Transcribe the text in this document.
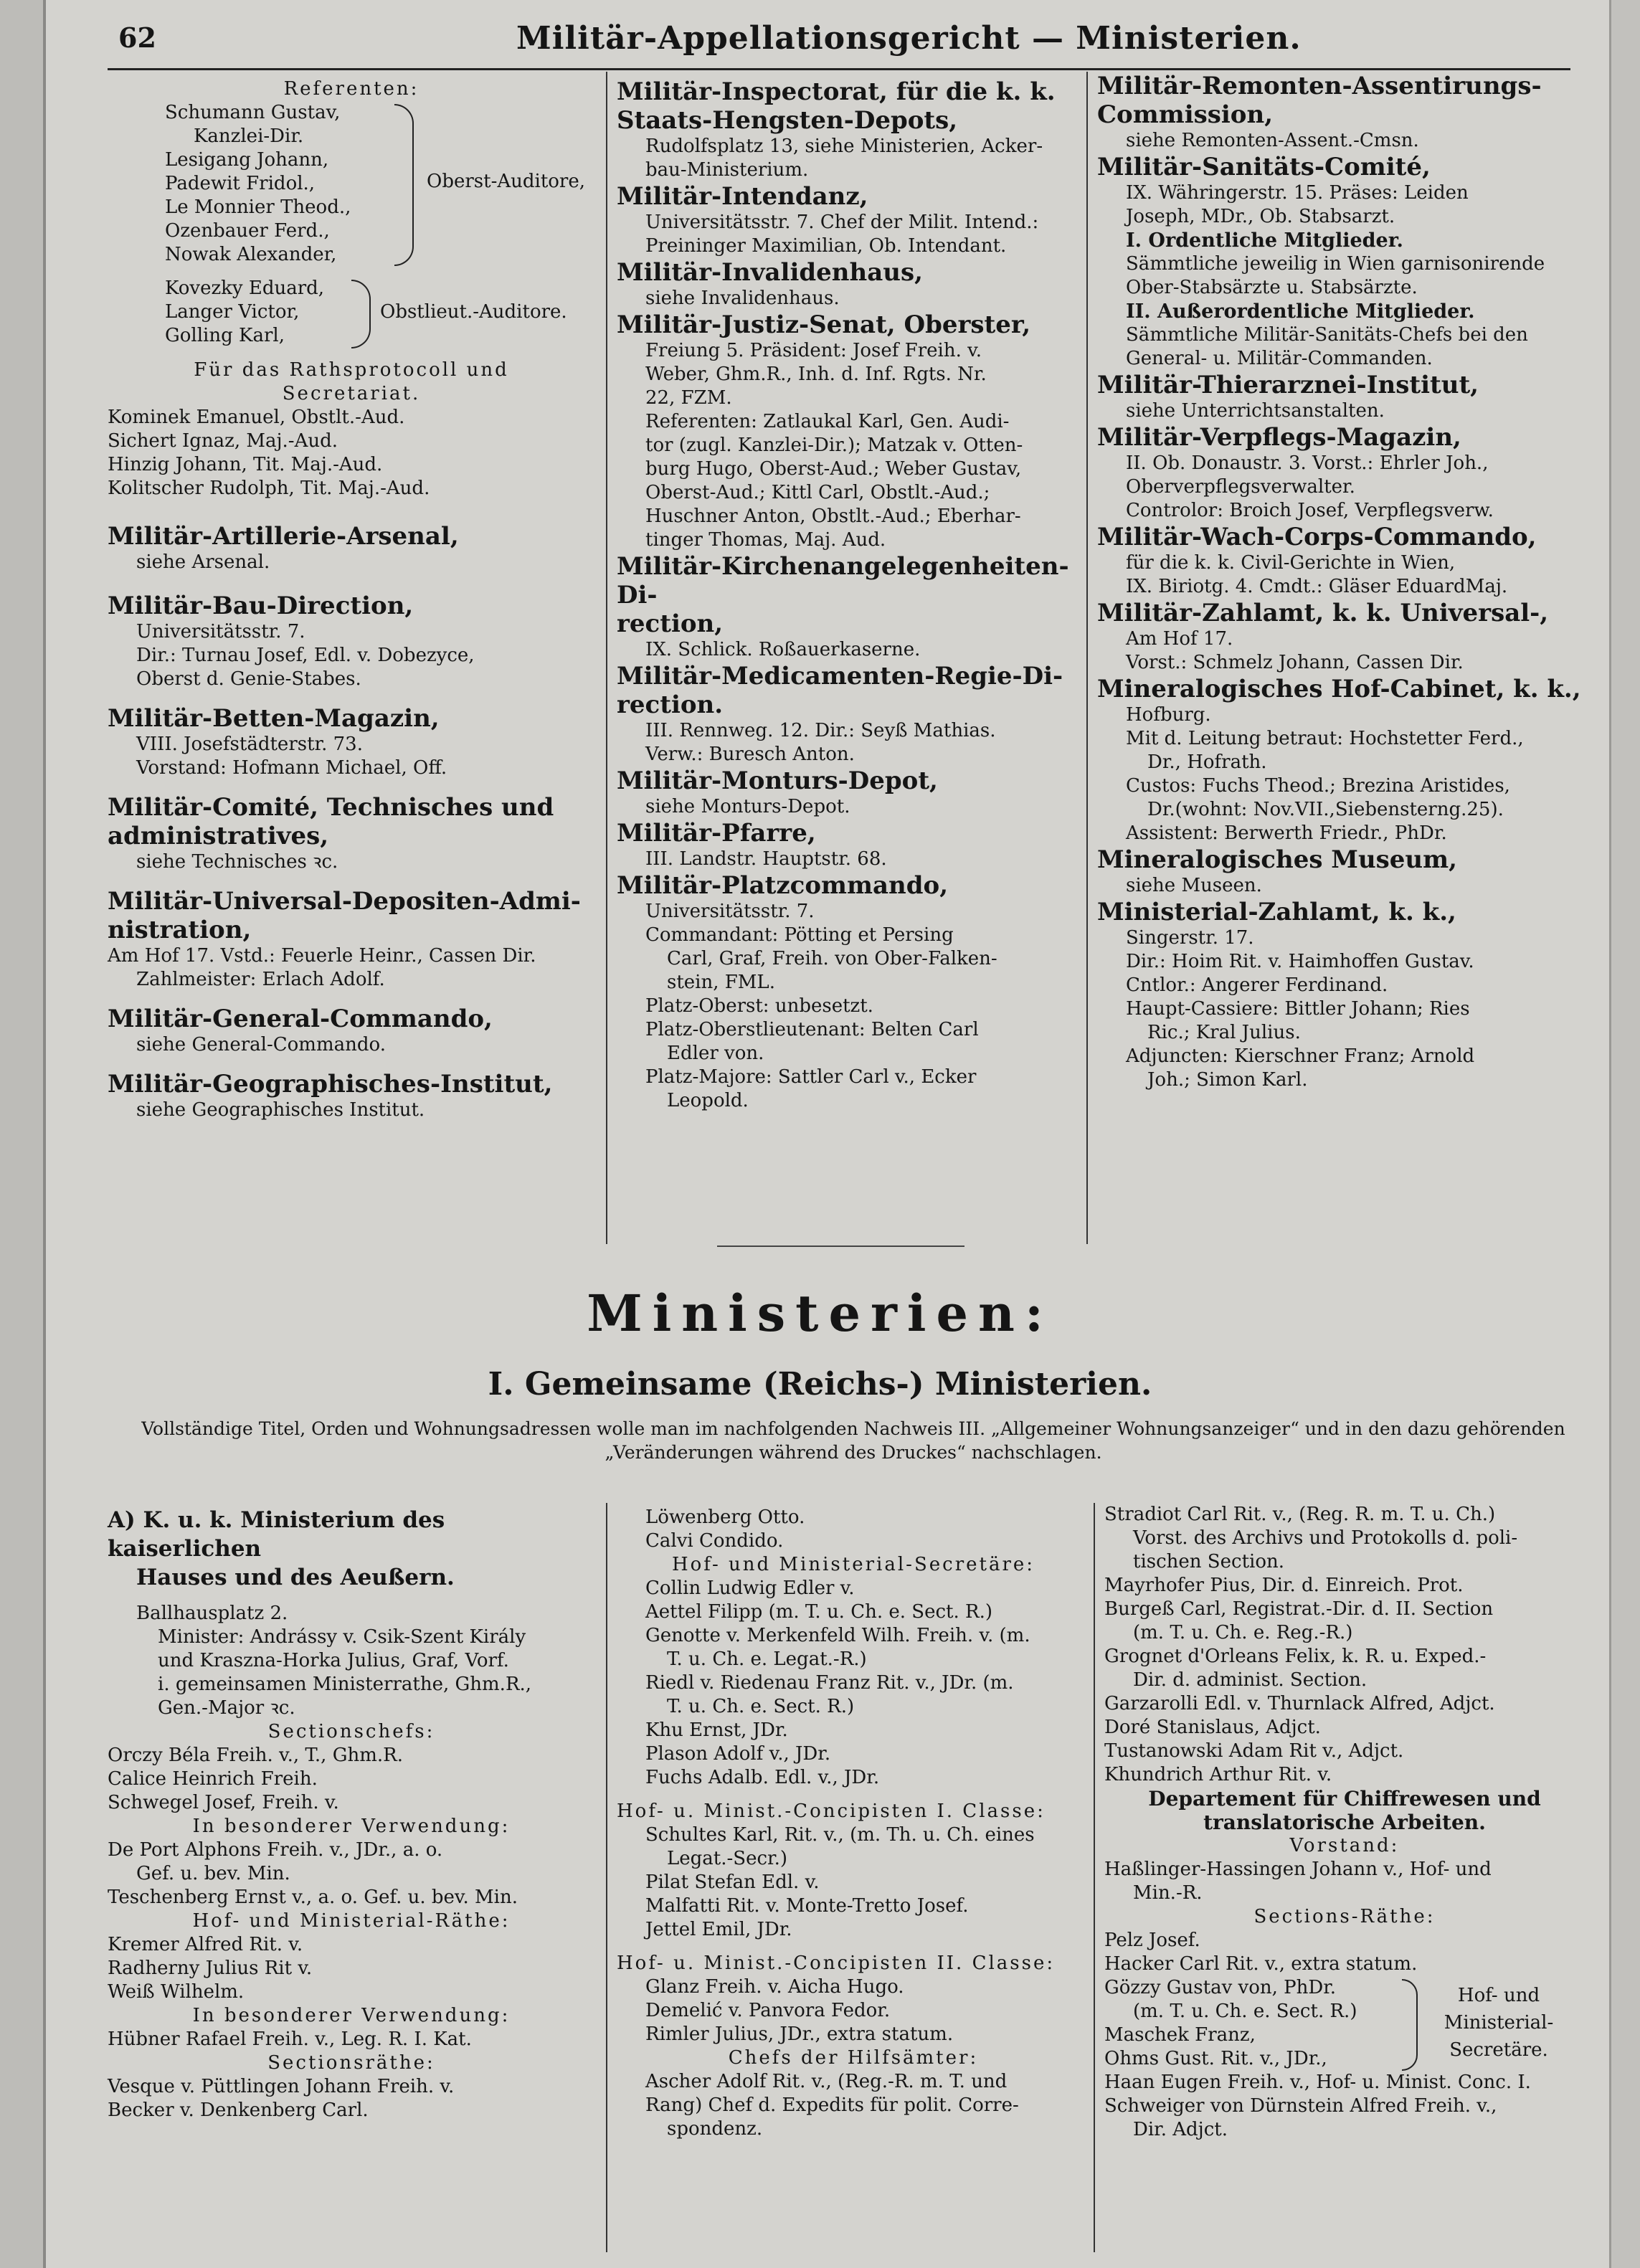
62	Militär-Appellationsgericht — Ministerien.
Referenten:
Schumann Gustav,
Kanzlei-Dir.
Lesigang Johann,
Padewit Fridol.,
Le Monnier Theod.,
Ozenbauer Ferd.,
Nowak Alexander,
Oberst-Auditore,
Kovezky Eduard,
Langer Victor,
Golling Karl,
Obstlieut.-Auditore.
Für das Rathsprotocoll und
Secretariat.
Kominek Emanuel, Obstlt.-Aud.
Sichert Ignaz, Maj.-Aud.
Hinzig Johann, Tit. Maj.-Aud.
Kolitscher Rudolph, Tit. Maj.-Aud.
Militär-Artillerie-Arsenal,
siehe Arsenal.
Militär-Bau-Direction,
Universitätsstr. 7.
Dir.: Turnau Josef, Edl. v. Dobezyce,
Oberst d. Genie-Stabes.
Militär-Betten-Magazin,
VIII. Josefstädterstr. 73.
Vorstand: Hofmann Michael, Off.
Militär-Comité, Technisches und
administratives,
siehe Technisches ꝛc.
Militär-Universal-Depositen-Admi-
nistration,
Am Hof 17. Vstd.: Feuerle Heinr., Cassen Dir.
Zahlmeister: Erlach Adolf.
Militär-General-Commando,
siehe General-Commando.
Militär-Geographisches-Institut,
siehe Geographisches Institut.
Militär-Inspectorat, für die k. k.
Staats-Hengsten-Depots,
Rudolfsplatz 13, siehe Ministerien, Acker-
bau-Ministerium.
Militär-Intendanz,
Universitätsstr. 7. Chef der Milit. Intend.:
Preininger Maximilian, Ob. Intendant.
Militär-Invalidenhaus,
siehe Invalidenhaus.
Militär-Justiz-Senat, Oberster,
Freiung 5. Präsident: Josef Freih. v.
Weber, Ghm.R., Inh. d. Inf. Rgts. Nr.
22, FZM.
Referenten: Zatlaukal Karl, Gen. Audi-
tor (zugl. Kanzlei-Dir.); Matzak v. Otten-
burg Hugo, Oberst-Aud.; Weber Gustav,
Oberst-Aud.; Kittl Carl, Obstlt.-Aud.;
Huschner Anton, Obstlt.-Aud.; Eberhar-
tinger Thomas, Maj. Aud.
Militär-Kirchenangelegenheiten-Di-
rection,
IX. Schlick. Roßauerkaserne.
Militär-Medicamenten-Regie-Di-
rection.
III. Rennweg. 12. Dir.: Seyß Mathias.
Verw.: Buresch Anton.
Militär-Monturs-Depot,
siehe Monturs-Depot.
Militär-Pfarre,
III. Landstr. Hauptstr. 68.
Militär-Platzcommando,
Universitätsstr. 7.
Commandant: Pötting et Persing
Carl, Graf, Freih. von Ober-Falken-
stein, FML.
Platz-Oberst: unbesetzt.
Platz-Oberstlieutenant: Belten Carl
Edler von.
Platz-Majore: Sattler Carl v., Ecker
Leopold.
Militär-Remonten-Assentirungs-
Commission,
siehe Remonten-Assent.-Cmsn.
Militär-Sanitäts-Comité,
IX. Währingerstr. 15. Präses: Leiden
Joseph, MDr., Ob. Stabsarzt.
I. Ordentliche Mitglieder.
Sämmtliche jeweilig in Wien garnisonirende
Ober-Stabsärzte u. Stabsärzte.
II. Außerordentliche Mitglieder.
Sämmtliche Militär-Sanitäts-Chefs bei den
General- u. Militär-Commanden.
Militär-Thierarznei-Institut,
siehe Unterrichtsanstalten.
Militär-Verpflegs-Magazin,
II. Ob. Donaustr. 3. Vorst.: Ehrler Joh.,
Oberverpflegsverwalter.
Controlor: Broich Josef, Verpflegsverw.
Militär-Wach-Corps-Commando,
für die k. k. Civil-Gerichte in Wien,
IX. Biriotg. 4. Cmdt.: Gläser EduardMaj.
Militär-Zahlamt, k. k. Universal-,
Am Hof 17.
Vorst.: Schmelz Johann, Cassen Dir.
Mineralogisches Hof-Cabinet, k. k.,
Hofburg.
Mit d. Leitung betraut: Hochstetter Ferd.,
Dr., Hofrath.
Custos: Fuchs Theod.; Brezina Aristides,
Dr.(wohnt: Nov.VII.,Siebensterng.25).
Assistent: Berwerth Friedr., PhDr.
Mineralogisches Museum,
siehe Museen.
Ministerial-Zahlamt, k. k.,
Singerstr. 17.
Dir.: Hoim Rit. v. Haimhoffen Gustav.
Cntlor.: Angerer Ferdinand.
Haupt-Cassiere: Bittler Johann; Ries
Ric.; Kral Julius.
Adjuncten: Kierschner Franz; Arnold
Joh.; Simon Karl.
Ministerien:
I. Gemeinsame (Reichs-) Ministerien.
Vollständige Titel, Orden und Wohnungsadressen wolle man im nachfolgenden Nachweis III. „Allgemeiner Wohnungsanzeiger“ und in den dazu gehörenden „Veränderungen während des Druckes“ nachschlagen.
A) K. u. k. Ministerium des kaiserlichen
Hauses und des Aeußern.
Ballhausplatz 2.
Minister: Andrássy v. Csik-Szent Király
und Kraszna-Horka Julius, Graf, Vorf.
i. gemeinsamen Ministerrathe, Ghm.R.,
Gen.-Major ꝛc.
Sectionschefs:
Orczy Béla Freih. v., T., Ghm.R.
Calice Heinrich Freih.
Schwegel Josef, Freih. v.
In besonderer Verwendung:
De Port Alphons Freih. v., JDr., a. o.
Gef. u. bev. Min.
Teschenberg Ernst v., a. o. Gef. u. bev. Min.
Hof- und Ministerial-Räthe:
Kremer Alfred Rit. v.
Radherny Julius Rit v.
Weiß Wilhelm.
In besonderer Verwendung:
Hübner Rafael Freih. v., Leg. R. I. Kat.
Sectionsräthe:
Vesque v. Püttlingen Johann Freih. v.
Becker v. Denkenberg Carl.
Löwenberg Otto.
Calvi Condido.
Hof- und Ministerial-Secretäre:
Collin Ludwig Edler v.
Aettel Filipp (m. T. u. Ch. e. Sect. R.)
Genotte v. Merkenfeld Wilh. Freih. v. (m.
T. u. Ch. e. Legat.-R.)
Riedl v. Riedenau Franz Rit. v., JDr. (m.
T. u. Ch. e. Sect. R.)
Khu Ernst, JDr.
Plason Adolf v., JDr.
Fuchs Adalb. Edl. v., JDr.
Hof- u. Minist.-Concipisten I. Classe:
Schultes Karl, Rit. v., (m. Th. u. Ch. eines
Legat.-Secr.)
Pilat Stefan Edl. v.
Malfatti Rit. v. Monte-Tretto Josef.
Jettel Emil, JDr.
Hof- u. Minist.-Concipisten II. Classe:
Glanz Freih. v. Aicha Hugo.
Demelić v. Panvora Fedor.
Rimler Julius, JDr., extra statum.
Chefs der Hilfsämter:
Ascher Adolf Rit. v., (Reg.-R. m. T. und
Rang) Chef d. Expedits für polit. Corre-
spondenz.
Stradiot Carl Rit. v., (Reg. R. m. T. u. Ch.)
Vorst. des Archivs und Protokolls d. poli-
tischen Section.
Mayrhofer Pius, Dir. d. Einreich. Prot.
Burgeß Carl, Registrat.-Dir. d. II. Section
(m. T. u. Ch. e. Reg.-R.)
Grognet d'Orleans Felix, k. R. u. Exped.-
Dir. d. administ. Section.
Garzarolli Edl. v. Thurnlack Alfred, Adjct.
Doré Stanislaus, Adjct.
Tustanowski Adam Rit v., Adjct.
Khundrich Arthur Rit. v.
Departement für Chiffrewesen und
translatorische Arbeiten.
Vorstand:
Haßlinger-Hassingen Johann v., Hof- und
Min.-R.
Sections-Räthe:
Pelz Josef.
Hacker Carl Rit. v., extra statum.
Gözzy Gustav von, PhDr.
(m. T. u. Ch. e. Sect. R.)
Maschek Franz,
Ohms Gust. Rit. v., JDr.,
Hof- und
Ministerial-
Secretäre.
Haan Eugen Freih. v., Hof- u. Minist. Conc. I.
Schweiger von Dürnstein Alfred Freih. v.,
Dir. Adjct.
